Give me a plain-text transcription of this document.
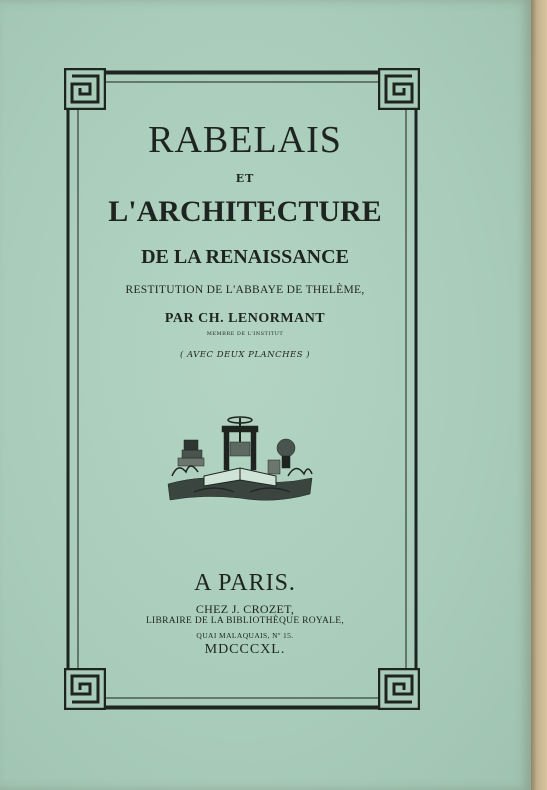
RABELAIS

ET

L'ARCHITECTURE
DE LA RENAISSANCE

RESTITUTION DE L'ABBAYE DE THELÈME,

PAR CH. LENORMANT

MEMBRE DE L'INSTITUT

( AVEC DEUX PLANCHES )

A PARIS.

CHEZ J. CROZET,

LIBRAIRE DE LA BIBLIOTHÈQUE ROYALE,

QUAI MALAQUAIS, Nº 15.

MDCCCXL.
